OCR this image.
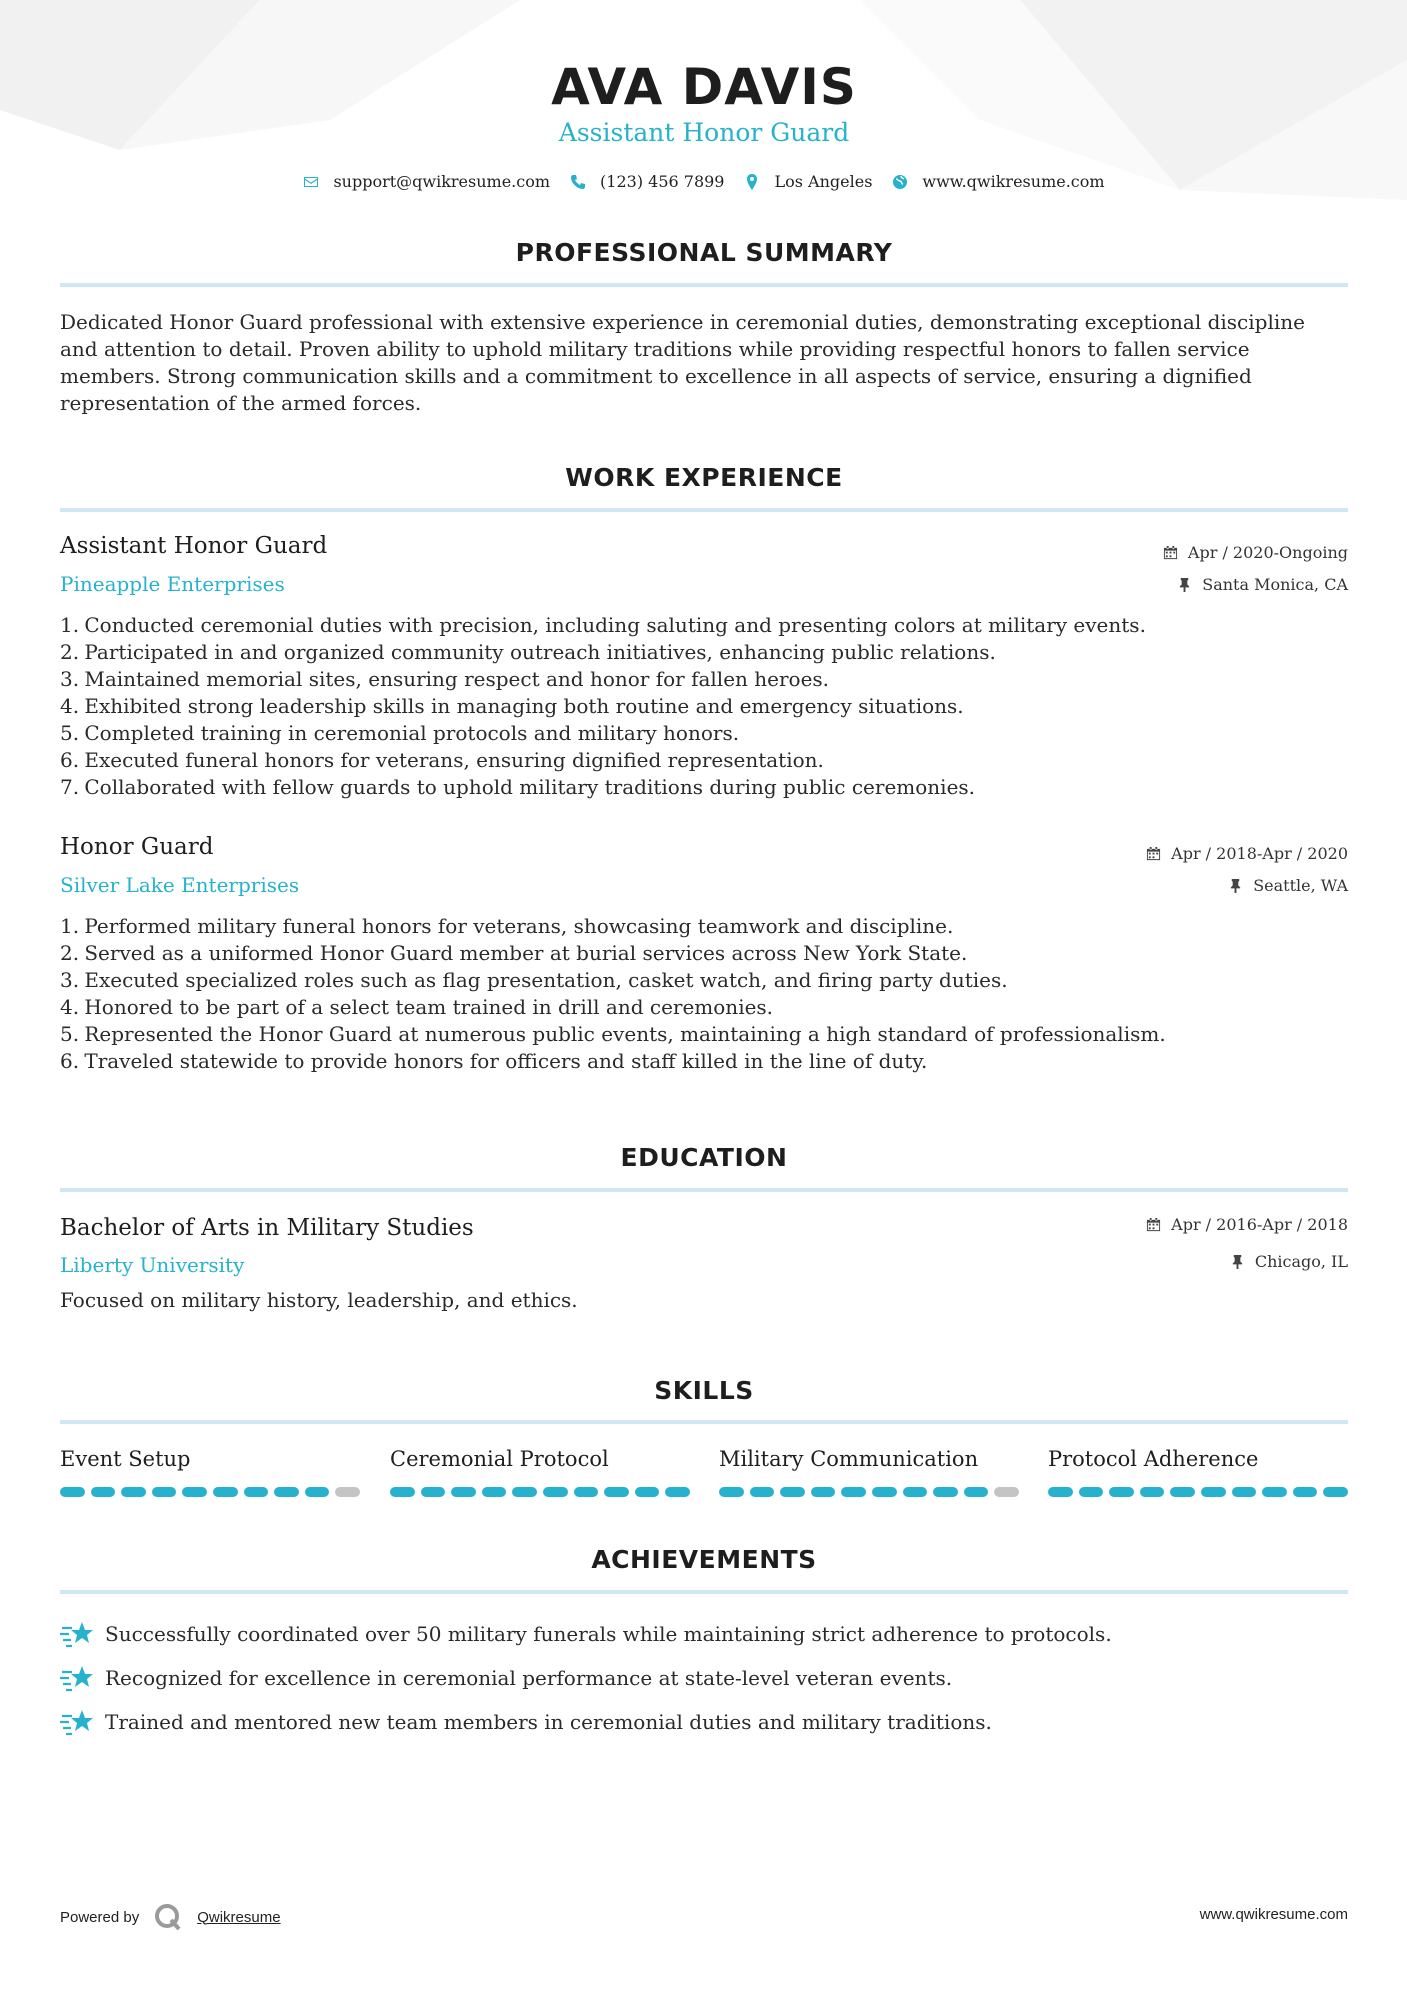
AVA DAVIS
Assistant Honor Guard
support@qwikresume.com	(123) 456 7899	Los Angeles	www.qwikresume.com
PROFESSIONAL SUMMARY
Dedicated Honor Guard professional with extensive experience in ceremonial duties, demonstrating exceptional discipline and attention to detail. Proven ability to uphold military traditions while providing respectful honors to fallen service members. Strong communication skills and a commitment to excellence in all aspects of service, ensuring a dignified representation of the armed forces.
WORK EXPERIENCE
Assistant Honor Guard
Pineapple Enterprises
Apr / 2020-Ongoing
Santa Monica, CA
1.
Conducted ceremonial duties with precision, including saluting and presenting colors at military events.
2.
Participated in and organized community outreach initiatives, enhancing public relations.
3.
Maintained memorial sites, ensuring respect and honor for fallen heroes.
4.
Exhibited strong leadership skills in managing both routine and emergency situations.
5.
Completed training in ceremonial protocols and military honors.
6.
Executed funeral honors for veterans, ensuring dignified representation.
7.
Collaborated with fellow guards to uphold military traditions during public ceremonies.
Honor Guard
Silver Lake Enterprises
Apr / 2018-Apr / 2020
Seattle, WA
1.
Performed military funeral honors for veterans, showcasing teamwork and discipline.
2.
Served as a uniformed Honor Guard member at burial services across New York State.
3.
Executed specialized roles such as flag presentation, casket watch, and firing party duties.
4.
Honored to be part of a select team trained in drill and ceremonies.
5.
Represented the Honor Guard at numerous public events, maintaining a high standard of professionalism.
6.
Traveled statewide to provide honors for officers and staff killed in the line of duty.
EDUCATION
Bachelor of Arts in Military Studies
Liberty University
Apr / 2016-Apr / 2018
Chicago, IL
Focused on military history, leadership, and ethics.
SKILLS
Event Setup	Ceremonial Protocol	Military Communication	Protocol Adherence
ACHIEVEMENTS
Successfully coordinated over 50 military funerals while maintaining strict adherence to protocols.
Recognized for excellence in ceremonial performance at state-level veteran events.
Trained and mentored new team members in ceremonial duties and military traditions.
Powered by	Qwikresume	www.qwikresume.com
